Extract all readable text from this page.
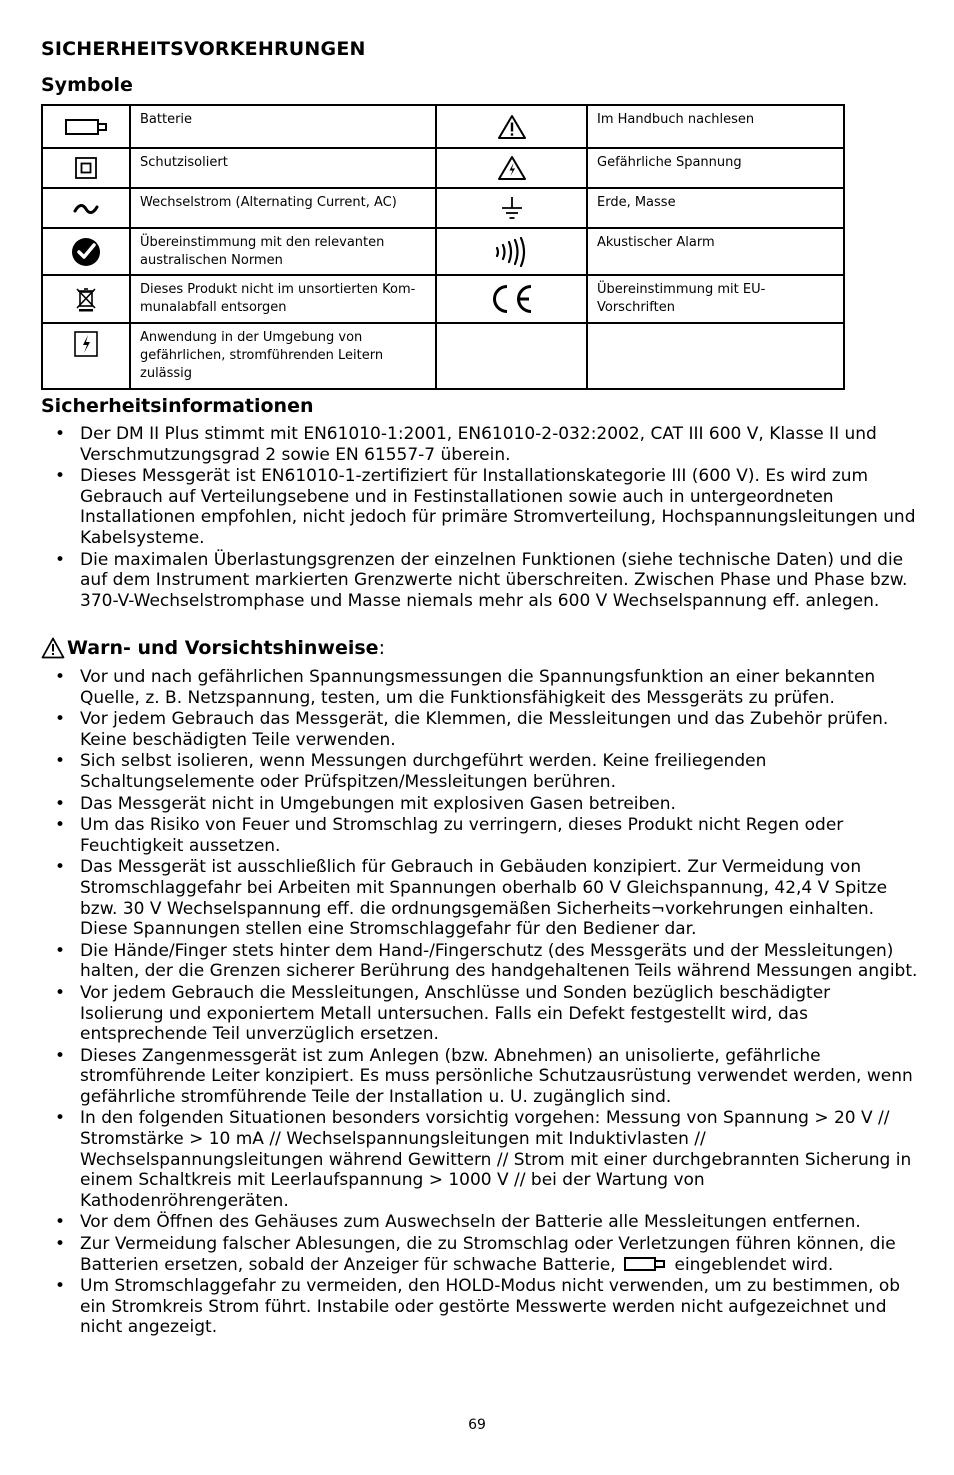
SICHERHEITSVORKEHRUNGEN
Symbole
	Batterie		Im Handbuch nachlesen
	Schutzisoliert		Gefährliche Spannung
	Wechselstrom (Alternating Current, AC)		Erde, Masse
	Übereinstimmung mit den relevanten australischen Normen		Akustischer Alarm
	Dieses Produkt nicht im unsortierten Kom-munalabfall entsorgen		Übereinstimmung mit EU-Vorschriften
	Anwendung in der Umgebung von gefährlichen, stromführenden Leitern zulässig		
Sicherheitsinformationen
• Der DM II Plus stimmt mit EN61010-1:2001, EN61010-2-032:2002, CAT III 600 V, Klasse II und Verschmutzungsgrad 2 sowie EN 61557-7 überein.
• Dieses Messgerät ist EN61010-1-zertifiziert für Installationskategorie III (600 V). Es wird zum Gebrauch auf Verteilungsebene und in Festinstallationen sowie auch in untergeordneten Installationen empfohlen, nicht jedoch für primäre Stromverteilung, Hochspannungsleitungen und Kabelsysteme.
• Die maximalen Überlastungsgrenzen der einzelnen Funktionen (siehe technische Daten) und die auf dem Instrument markierten Grenzwerte nicht überschreiten. Zwischen Phase und Phase bzw. 370-V-Wechselstromphase und Masse niemals mehr als 600 V Wechselspannung eff. anlegen.
Warn- und Vorsichtshinweise :
• Vor und nach gefährlichen Spannungsmessungen die Spannungsfunktion an einer bekannten Quelle, z. B. Netzspannung, testen, um die Funktionsfähigkeit des Messgeräts zu prüfen.
• Vor jedem Gebrauch das Messgerät, die Klemmen, die Messleitungen und das Zubehör prüfen. Keine beschädigten Teile verwenden.
• Sich selbst isolieren, wenn Messungen durchgeführt werden. Keine freiliegenden Schaltungselemente oder Prüfspitzen/Messleitungen berühren.
• Das Messgerät nicht in Umgebungen mit explosiven Gasen betreiben.
• Um das Risiko von Feuer und Stromschlag zu verringern, dieses Produkt nicht Regen oder Feuchtigkeit aussetzen.
• Das Messgerät ist ausschließlich für Gebrauch in Gebäuden konzipiert. Zur Vermeidung von Stromschlaggefahr bei Arbeiten mit Spannungen oberhalb 60 V Gleichspannung, 42,4 V Spitze bzw. 30 V Wechselspannung eff. die ordnungsgemäßen Sicherheits¬vorkehrungen einhalten. Diese Spannungen stellen eine Stromschlaggefahr für den Bediener dar.
• Die Hände/Finger stets hinter dem Hand-/Fingerschutz (des Messgeräts und der Messleitungen) halten, der die Grenzen sicherer Berührung des handgehaltenen Teils während Messungen angibt.
• Vor jedem Gebrauch die Messleitungen, Anschlüsse und Sonden bezüglich beschädigter Isolierung und exponiertem Metall untersuchen. Falls ein Defekt festgestellt wird, das entsprechende Teil unverzüglich ersetzen.
• Dieses Zangenmessgerät ist zum Anlegen (bzw. Abnehmen) an unisolierte, gefährliche stromführende Leiter konzipiert. Es muss persönliche Schutzausrüstung verwendet werden, wenn gefährliche stromführende Teile der Installation u. U. zugänglich sind.
• In den folgenden Situationen besonders vorsichtig vorgehen: Messung von Spannung > 20 V // Stromstärke > 10 mA // Wechselspannungsleitungen mit Induktivlasten // Wechselspannungsleitungen während Gewittern // Strom mit einer durchgebrannten Sicherung in einem Schaltkreis mit Leerlaufspannung > 1000 V // bei der Wartung von Kathodenröhrengeräten.
• Vor dem Öffnen des Gehäuses zum Auswechseln der Batterie alle Messleitungen entfernen.
• Zur Vermeidung falscher Ablesungen, die zu Stromschlag oder Verletzungen führen können, die Batterien ersetzen, sobald der Anzeiger für schwache Batterie,	eingeblendet wird.
• Um Stromschlaggefahr zu vermeiden, den HOLD-Modus nicht verwenden, um zu bestimmen, ob ein Stromkreis Strom führt. Instabile oder gestörte Messwerte werden nicht aufgezeichnet und nicht angezeigt.
69
